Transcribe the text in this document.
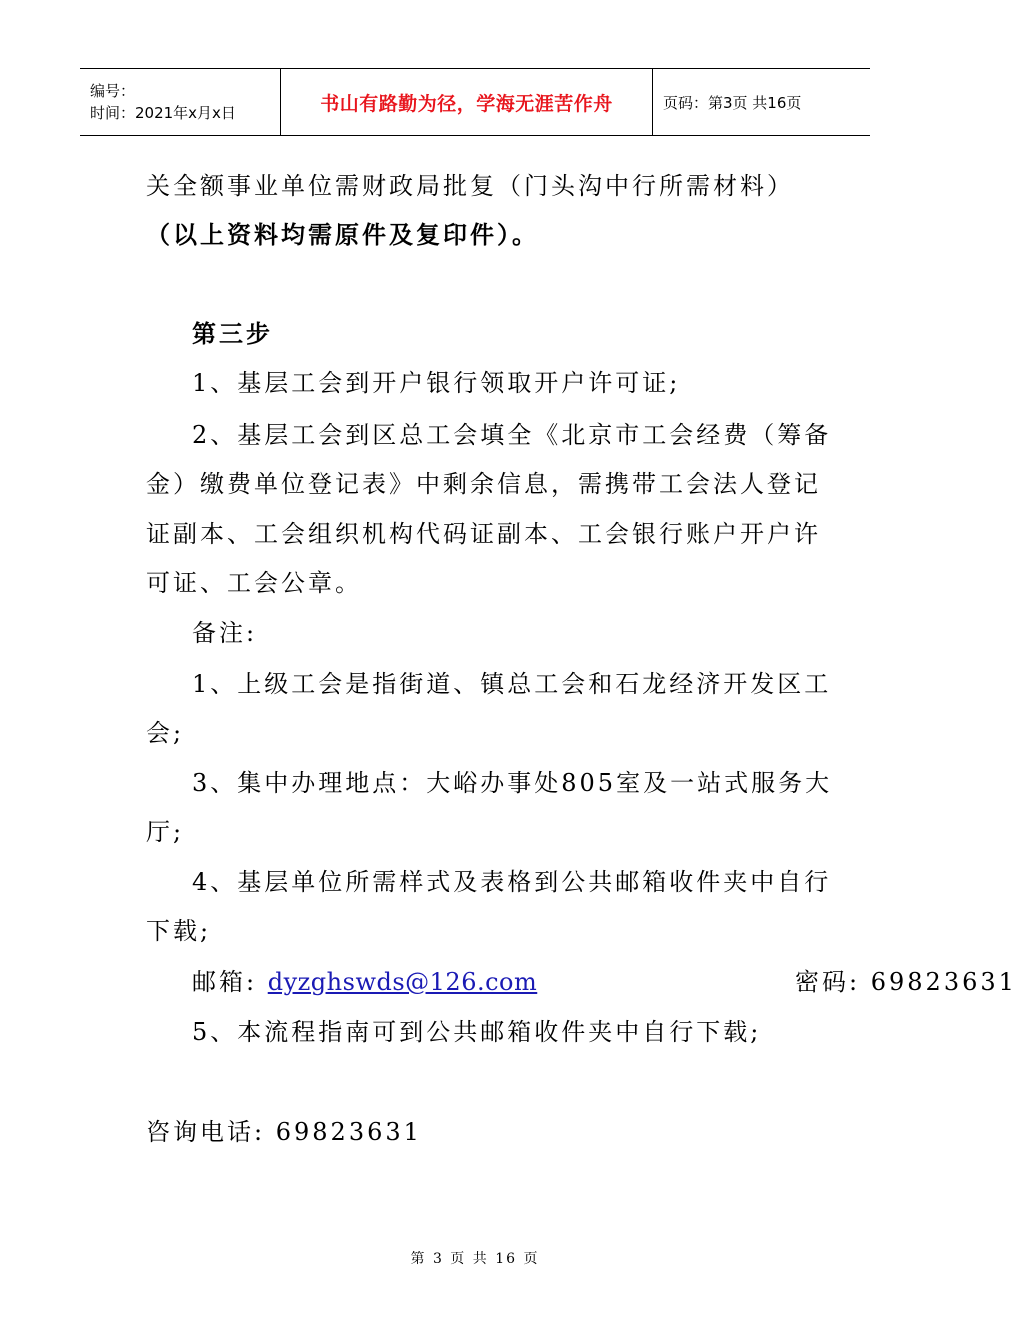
编号：
时间：2021年x月x日	书山有路勤为径，学海无涯苦作舟	页码：第3页 共16页
关全额事业单位需财政局批复（门头沟中行所需材料）
（以上资料均需原件及复印件）。
第三步
1、基层工会到开户银行领取开户许可证;
2、基层工会到区总工会填全《北京市工会经费（筹备
金）缴费单位登记表》中剩余信息，需携带工会法人登记
证副本、工会组织机构代码证副本、工会银行账户开户许
可证、工会公章。
备注:
1、上级工会是指街道、镇总工会和石龙经济开发区工
会;
3、集中办理地点：大峪办事处805室及一站式服务大
厅;
4、基层单位所需样式及表格到公共邮箱收件夹中自行
下载;
邮箱: dyzghswds@126.com	密码: 69823631
5、本流程指南可到公共邮箱收件夹中自行下载;
咨询电话: 69823631
第 3 页 共 16 页
